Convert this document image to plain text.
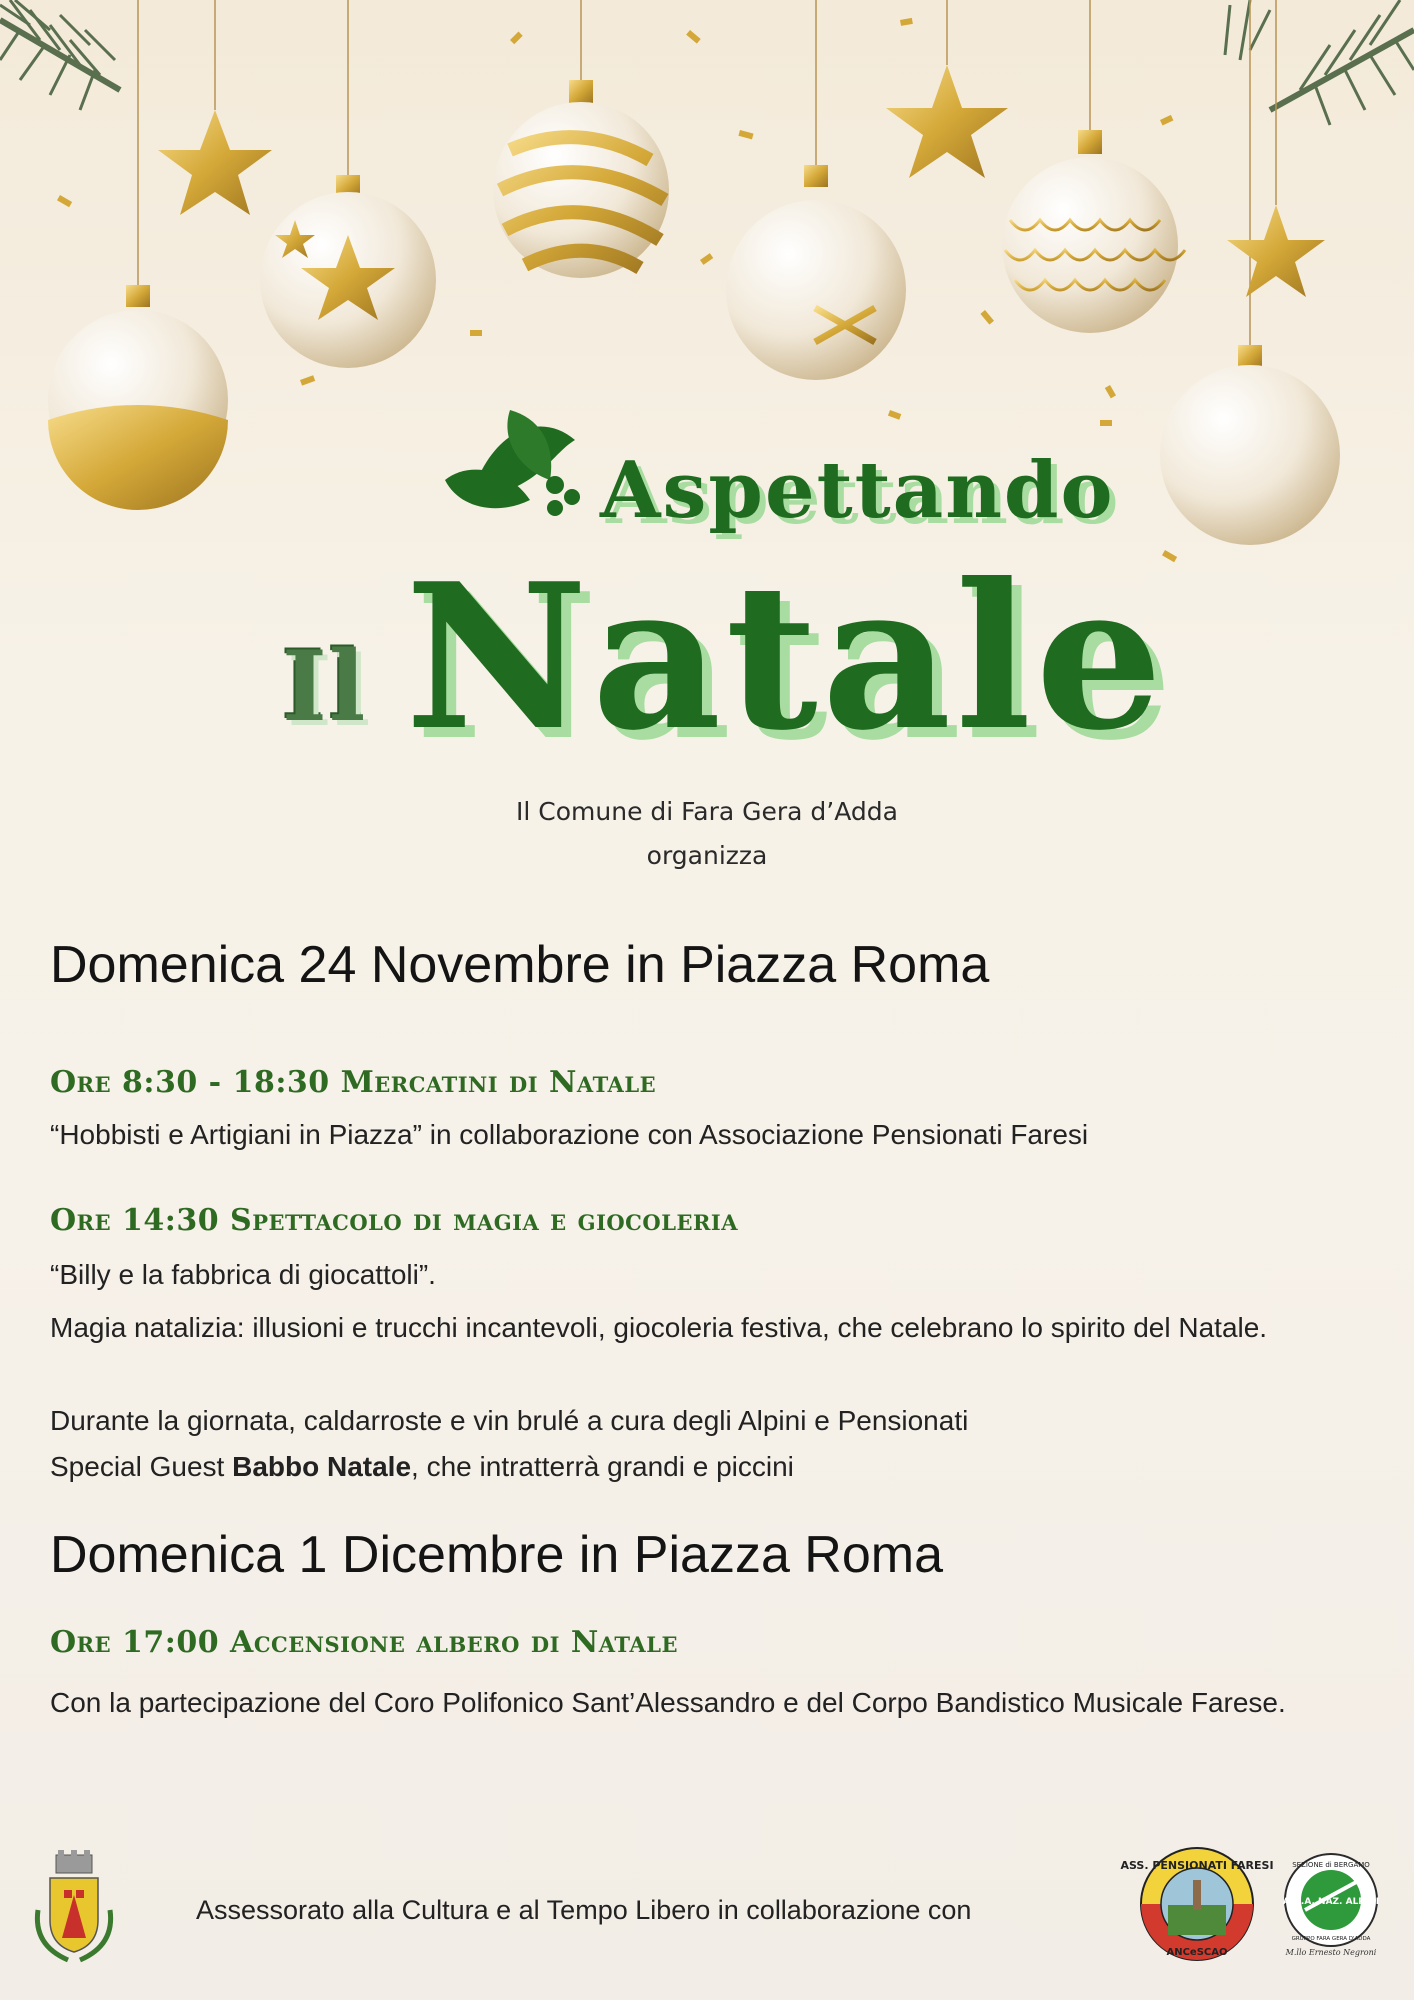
Aspettando
Il Natale
Il Comune di Fara Gera d’Adda
organizza
Domenica 24 Novembre in Piazza Roma
Ore 8:30 - 18:30 Mercatini di Natale
“Hobbisti e Artigiani in Piazza” in collaborazione con Associazione Pensionati Faresi
Ore 14:30 Spettacolo di magia e giocoleria
“Billy e la fabbrica di giocattoli”.
Magia natalizia: illusioni e trucchi incantevoli, giocoleria festiva, che celebrano lo spirito del Natale.
Durante la giornata, caldarroste e vin brulé a cura degli Alpini e Pensionati
Special Guest Babbo Natale, che intratterrà grandi e piccini
Domenica 1 Dicembre in Piazza Roma
Ore 17:00 Accensione albero di Natale
Con la partecipazione del Coro Polifonico Sant’Alessandro e del Corpo Bandistico Musicale Farese.
Assessorato alla Cultura e al Tempo Libero in collaborazione con
ASS. PENSIONATI FARESI
ANCeSCAO
SEZIONE di BERGAMO
A.N.A. NAZ. ALPINI
GRUPPO FARA GERA D'ADDA
M.llo Ernesto Negroni
